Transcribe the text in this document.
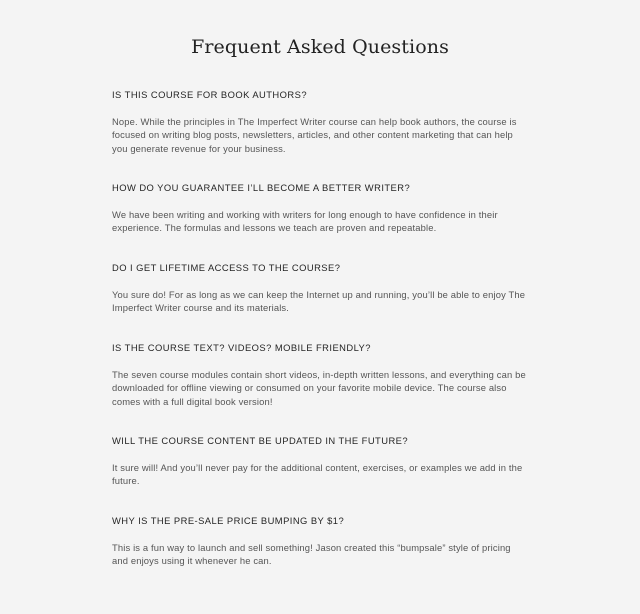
Frequent Asked Questions
IS THIS COURSE FOR BOOK AUTHORS?

Nope. While the principles in The Imperfect Writer course can help book authors, the course is focused on writing blog posts, newsletters, articles, and other content marketing that can help you generate revenue for your business.

HOW DO YOU GUARANTEE I’LL BECOME A BETTER WRITER?

We have been writing and working with writers for long enough to have confidence in their experience. The formulas and lessons we teach are proven and repeatable.

DO I GET LIFETIME ACCESS TO THE COURSE?

You sure do! For as long as we can keep the Internet up and running, you’ll be able to enjoy The Imperfect Writer course and its materials.

IS THE COURSE TEXT? VIDEOS? MOBILE FRIENDLY?

The seven course modules contain short videos, in-depth written lessons, and everything can be downloaded for offline viewing or consumed on your favorite mobile device. The course also comes with a full digital book version!

WILL THE COURSE CONTENT BE UPDATED IN THE FUTURE?

It sure will! And you’ll never pay for the additional content, exercises, or examples we add in the future.

WHY IS THE PRE-SALE PRICE BUMPING BY $1?

This is a fun way to launch and sell something! Jason created this “bumpsale” style of pricing and enjoys using it whenever he can.
